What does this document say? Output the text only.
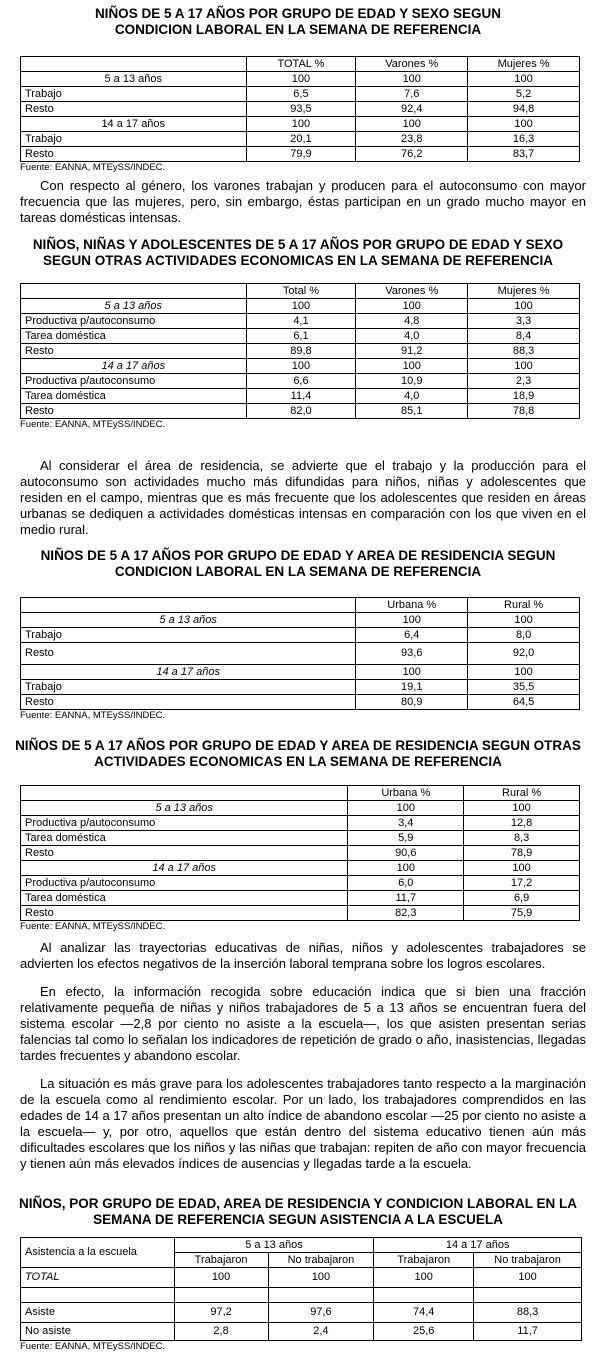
NIÑOS DE 5 A 17 AÑOS POR GRUPO DE EDAD Y SEXO SEGUN CONDICION LABORAL EN LA SEMANA DE REFERENCIA
	TOTAL %	Varones %	Mujeres %
5 a 13 años	100	100	100
Trabajo	6,5	7,6	5,2
Resto	93,5	92,4	94,8
14 a 17 años	100	100	100
Trabajo	20,1	23,8	16,3
Resto	79,9	76,2	83,7
Fuente: EANNA, MTEySS/INDEC.
Con respecto al género, los varones trabajan y producen para el autoconsumo con mayor frecuencia que las mujeres, pero, sin embargo, éstas participan en un grado mucho mayor en tareas domésticas intensas.
NIÑOS, NIÑAS Y ADOLESCENTES DE 5 A 17 AÑOS POR GRUPO DE EDAD Y SEXO SEGUN OTRAS ACTIVIDADES ECONOMICAS EN LA SEMANA DE REFERENCIA
	Total %	Varones %	Mujeres %
5 a 13 años	100	100	100
Productiva p/autoconsumo	4,1	4,8	3,3
Tarea doméstica	6,1	4,0	8,4
Resto	89,8	91,2	88,3
14 a 17 años	100	100	100
Productiva p/autoconsumo	6,6	10,9	2,3
Tarea doméstica	11,4	4,0	18,9
Resto	82,0	85,1	78,8
Fuente: EANNA, MTEySS/INDEC.
Al considerar el área de residencia, se advierte que el trabajo y la producción para el autoconsumo son actividades mucho más difundidas para niños, niñas y adolescentes que residen en el campo, mientras que es más frecuente que los adolescentes que residen en áreas urbanas se dediquen a actividades domésticas intensas en comparación con los que viven en el medio rural.
NIÑOS DE 5 A 17 AÑOS POR GRUPO DE EDAD Y AREA DE RESIDENCIA SEGUN CONDICION LABORAL EN LA SEMANA DE REFERENCIA
	Urbana %	Rural %
5 a 13 años	100	100
Trabajo	6,4	8,0
Resto	93,6	92,0
14 a 17 años	100	100
Trabajo	19,1	35,5
Resto	80,9	64,5
Fuente: EANNA, MTEySS/INDEC.
NIÑOS DE 5 A 17 AÑOS POR GRUPO DE EDAD Y AREA DE RESIDENCIA SEGUN OTRAS ACTIVIDADES ECONOMICAS EN LA SEMANA DE REFERENCIA
	Urbana %	Rural %
5 a 13 años	100	100
Productiva p/autoconsumo	3,4	12,8
Tarea doméstica	5,9	8,3
Resto	90,6	78,9
14 a 17 años	100	100
Productiva p/autoconsumo	6,0	17,2
Tarea doméstica	11,7	6,9
Resto	82,3	75,9
Fuente: EANNA, MTEySS/INDEC.
Al analizar las trayectorias educativas de niñas, niños y adolescentes trabajadores se advierten los efectos negativos de la inserción laboral temprana sobre los logros escolares.
En efecto, la información recogida sobre educación indica que si bien una fracción relativamente pequeña de niñas y niños trabajadores de 5 a 13 años se encuentran fuera del sistema escolar —2,8 por ciento no asiste a la escuela—, los que asisten presentan serias falencias tal como lo señalan los indicadores de repetición de grado o año, inasistencias, llegadas tardes frecuentes y abandono escolar.
La situación es más grave para los adolescentes trabajadores tanto respecto a la marginación de la escuela como al rendimiento escolar. Por un lado, los trabajadores comprendidos en las edades de 14 a 17 años presentan un alto índice de abandono escolar —25 por ciento no asiste a la escuela— y, por otro, aquellos que están dentro del sistema educativo tienen aún más dificultades escolares que los niños y las niñas que trabajan: repiten de año con mayor frecuencia y tienen aún más elevados índices de ausencias y llegadas tarde a la escuela.
NIÑOS, POR GRUPO DE EDAD, AREA DE RESIDENCIA Y CONDICION LABORAL EN LA SEMANA DE REFERENCIA SEGUN ASISTENCIA A LA ESCUELA
Asistencia a la escuela	5 a 13 años		14 a 17 años	
	Trabajaron	No trabajaron	Trabajaron	No trabajaron
TOTAL	100	100	100	100

Asiste	97,2	97,6	74,4	88,3
No asiste	2,8	2,4	25,6	11,7
Fuente: EANNA, MTEySS/INDEC.
